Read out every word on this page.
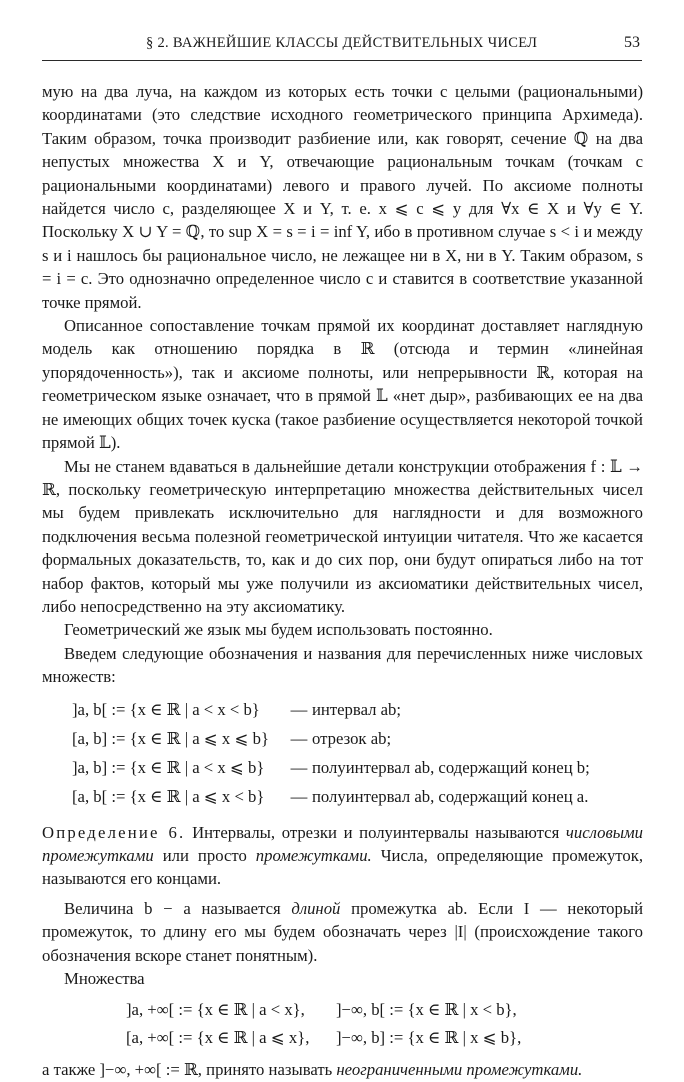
§ 2. ВАЖНЕЙШИЕ КЛАССЫ ДЕЙСТВИТЕЛЬНЫХ ЧИСЕЛ	53

мую на два луча, на каждом из которых есть точки с целыми (рациональными) координатами (это следствие исходного геометрического принципа Архимеда). Таким образом, точка производит разбиение или, как говорят, сечение ℚ на два непустых множества X и Y, отвечающие рациональным точкам (точкам с рациональными координатами) левого и правого лучей. По аксиоме полноты найдется число c, разделяющее X и Y, т. е. x ⩽ c ⩽ y для ∀x ∈ X и ∀y ∈ Y. Поскольку X ∪ Y = ℚ, то sup X = s = i = inf Y, ибо в противном случае s < i и между s и i нашлось бы рациональное число, не лежащее ни в X, ни в Y. Таким образом, s = i = c. Это однозначно определенное число c и ставится в соответствие указанной точке прямой.

Описанное сопоставление точкам прямой их координат доставляет наглядную модель как отношению порядка в ℝ (отсюда и термин «линейная упорядоченность»), так и аксиоме полноты, или непрерывности ℝ, которая на геометрическом языке означает, что в прямой 𝕃 «нет дыр», разбивающих ее на два не имеющих общих точек куска (такое разбиение осуществляется некоторой точкой прямой 𝕃).

Мы не станем вдаваться в дальнейшие детали конструкции отображения f : 𝕃 → ℝ, поскольку геометрическую интерпретацию множества действительных чисел мы будем привлекать исключительно для наглядности и для возможного подключения весьма полезной геометрической интуиции читателя. Что же касается формальных доказательств, то, как и до сих пор, они будут опираться либо на тот набор фактов, который мы уже получили из аксиоматики действительных чисел, либо непосредственно на эту аксиоматику.

Геометрический же язык мы будем использовать постоянно.

Введем следующие обозначения и названия для перечисленных ниже числовых множеств:

]a, b[ := {x ∈ ℝ | a < x < b} — интервал ab;
[a, b] := {x ∈ ℝ | a ⩽ x ⩽ b} — отрезок ab;
]a, b] := {x ∈ ℝ | a < x ⩽ b} — полуинтервал ab, содержащий конец b;
[a, b[ := {x ∈ ℝ | a ⩽ x < b} — полуинтервал ab, содержащий конец a.

Определение 6. Интервалы, отрезки и полуинтервалы называются числовыми промежутками или просто промежутками. Числа, определяющие промежуток, называются его концами.

Величина b − a называется длиной промежутка ab. Если I — некоторый промежуток, то длину его мы будем обозначать через |I| (происхождение такого обозначения вскоре станет понятным).

Множества

]a, +∞[ := {x ∈ ℝ | a < x}, ]−∞, b[ := {x ∈ ℝ | x < b},
[a, +∞[ := {x ∈ ℝ | a ⩽ x}, ]−∞, b] := {x ∈ ℝ | x ⩽ b},

а также ]−∞, +∞[ := ℝ, принято называть неограниченными промежутками.
